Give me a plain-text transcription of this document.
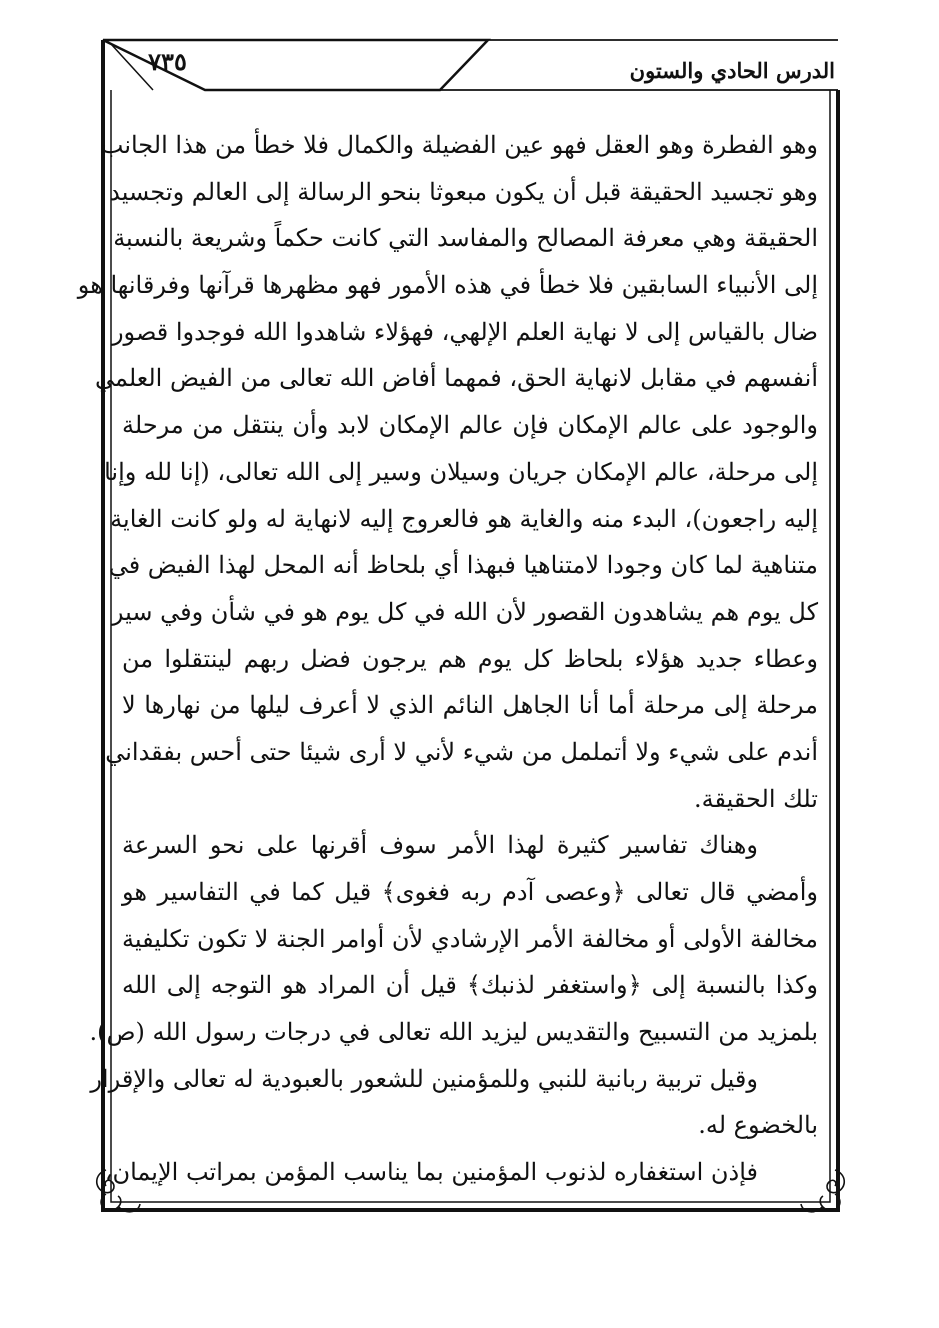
الدرس الحادي والستون
٧٣٥
وهو الفطرة وهو العقل فهو عين الفضيلة والكمال فلا خطأ من هذا الجانب
وهو تجسيد الحقيقة قبل أن يكون مبعوثا بنحو الرسالة إلى العالم وتجسيد
الحقيقة وهي معرفة المصالح والمفاسد التي كانت حكماً وشريعة بالنسبة
إلى الأنبياء السابقين فلا خطأ في هذه الأمور فهو مظهرها قرآنها وفرقانها هو
ضال بالقياس إلى لا نهاية العلم الإلهي، فهؤلاء شاهدوا الله فوجدوا قصور
أنفسهم في مقابل لانهاية الحق، فمهما أفاض الله تعالى من الفيض العلمي
والوجود على عالم الإمكان فإن عالم الإمكان لابد وأن ينتقل من مرحلة
إلى مرحلة، عالم الإمكان جريان وسيلان وسير إلى الله تعالى، (إنا لله وإنا
إليه راجعون)، البدء منه والغاية هو فالعروج إليه لانهاية له ولو كانت الغاية
متناهية لما كان وجودا لامتناهيا فبهذا أي بلحاظ أنه المحل لهذا الفيض في
كل يوم هم يشاهدون القصور لأن الله في كل يوم هو في شأن وفي سير
وعطاء جديد هؤلاء بلحاظ كل يوم هم يرجون فضل ربهم لينتقلوا من
مرحلة إلى مرحلة أما أنا الجاهل النائم الذي لا أعرف ليلها من نهارها لا
أندم على شيء ولا أتململ من شيء لأني لا أرى شيئا حتى أحس بفقداني
تلك الحقيقة.
وهناك تفاسير كثيرة لهذا الأمر سوف أقرنها على نحو السرعة
وأمضي قال تعالى ﴿وعصى آدم ربه فغوى﴾ قيل كما في التفاسير هو
مخالفة الأولى أو مخالفة الأمر الإرشادي لأن أوامر الجنة لا تكون تكليفية
وكذا بالنسبة إلى ﴿واستغفر لذنبك﴾ قيل أن المراد هو التوجه إلى الله
بلمزيد من التسبيح والتقديس ليزيد الله تعالى في درجات رسول الله (ص).
وقيل تربية ربانية للنبي وللمؤمنين للشعور بالعبودية له تعالى والإقرار
بالخضوع له.
فإذن استغفاره لذنوب المؤمنين بما يناسب المؤمن بمراتب الإيمان،
